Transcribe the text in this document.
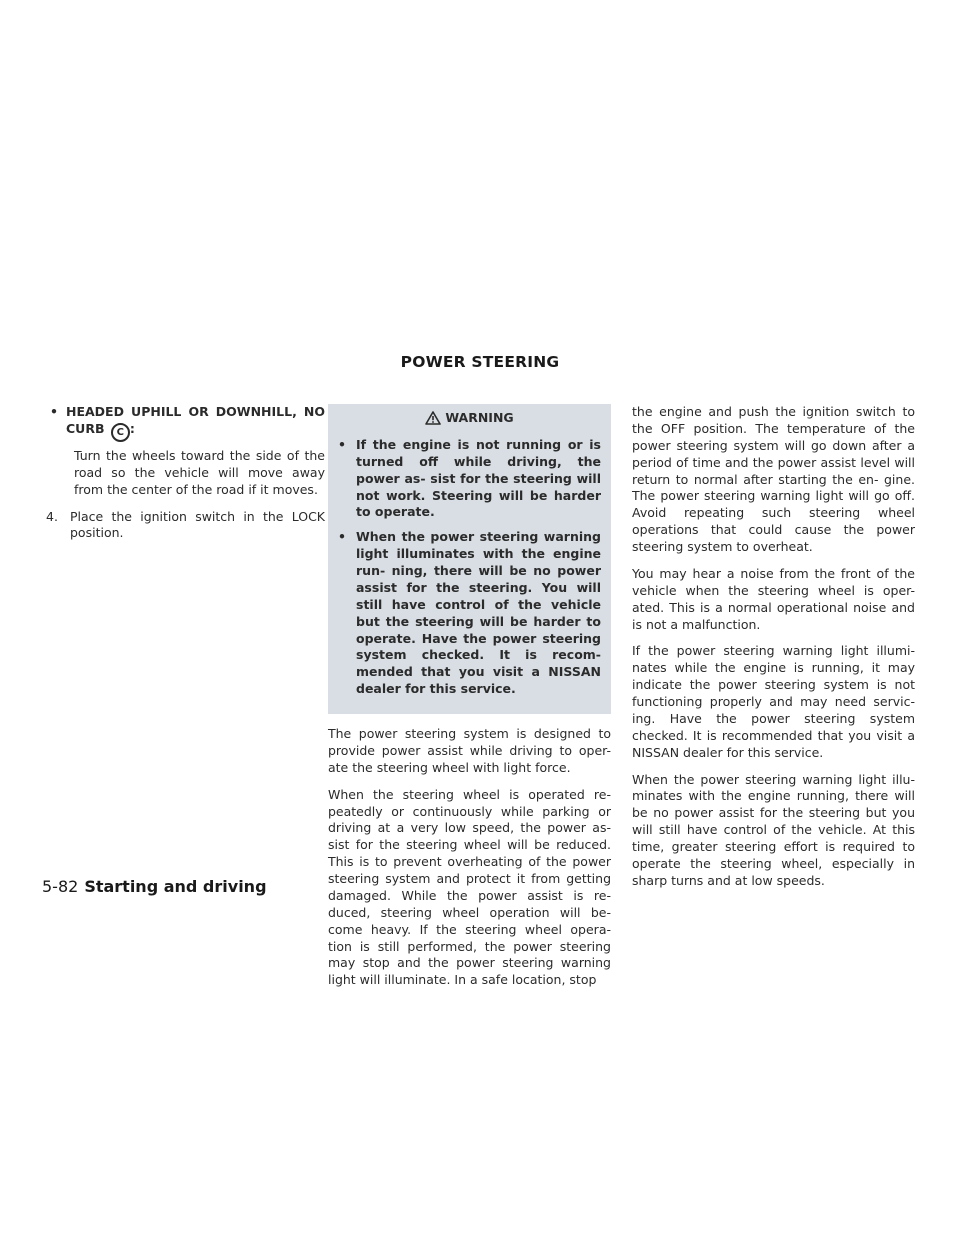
POWER STEERING
• HEADED UPHILL OR DOWNHILL, NO CURB C :

Turn the wheels toward the side of the road so the vehicle will move away from the center of the road if it moves.

4. Place the ignition switch in the LOCK position.
WARNING
• If the engine is not running or is turned off while driving, the power as- sist for the steering will not work. Steering will be harder to operate.
• When the power steering warning light illuminates with the engine run- ning, there will be no power assist for the steering. You will still have control of the vehicle but the steering will be harder to operate. Have the power steering system checked. It is recom- mended that you visit a NISSAN dealer for this service.

The power steering system is designed to provide power assist while driving to oper- ate the steering wheel with light force.

When the steering wheel is operated re- peatedly or continuously while parking or driving at a very low speed, the power as- sist for the steering wheel will be reduced. This is to prevent overheating of the power steering system and protect it from getting damaged. While the power assist is re- duced, steering wheel operation will be- come heavy. If the steering wheel opera- tion is still performed, the power steering may stop and the power steering warning light will illuminate. In a safe location, stop

the engine and push the ignition switch to the OFF position. The temperature of the power steering system will go down after a period of time and the power assist level will return to normal after starting the en- gine. The power steering warning light will go off. Avoid repeating such steering wheel operations that could cause the power steering system to overheat.

You may hear a noise from the front of the vehicle when the steering wheel is oper- ated. This is a normal operational noise and is not a malfunction.

If the power steering warning light illumi- nates while the engine is running, it may indicate the power steering system is not functioning properly and may need servic- ing. Have the power steering system checked. It is recommended that you visit a NISSAN dealer for this service.

When the power steering warning light illu- minates with the engine running, there will be no power assist for the steering but you will still have control of the vehicle. At this time, greater steering effort is required to operate the steering wheel, especially in sharp turns and at low speeds.

5-82 Starting and driving
